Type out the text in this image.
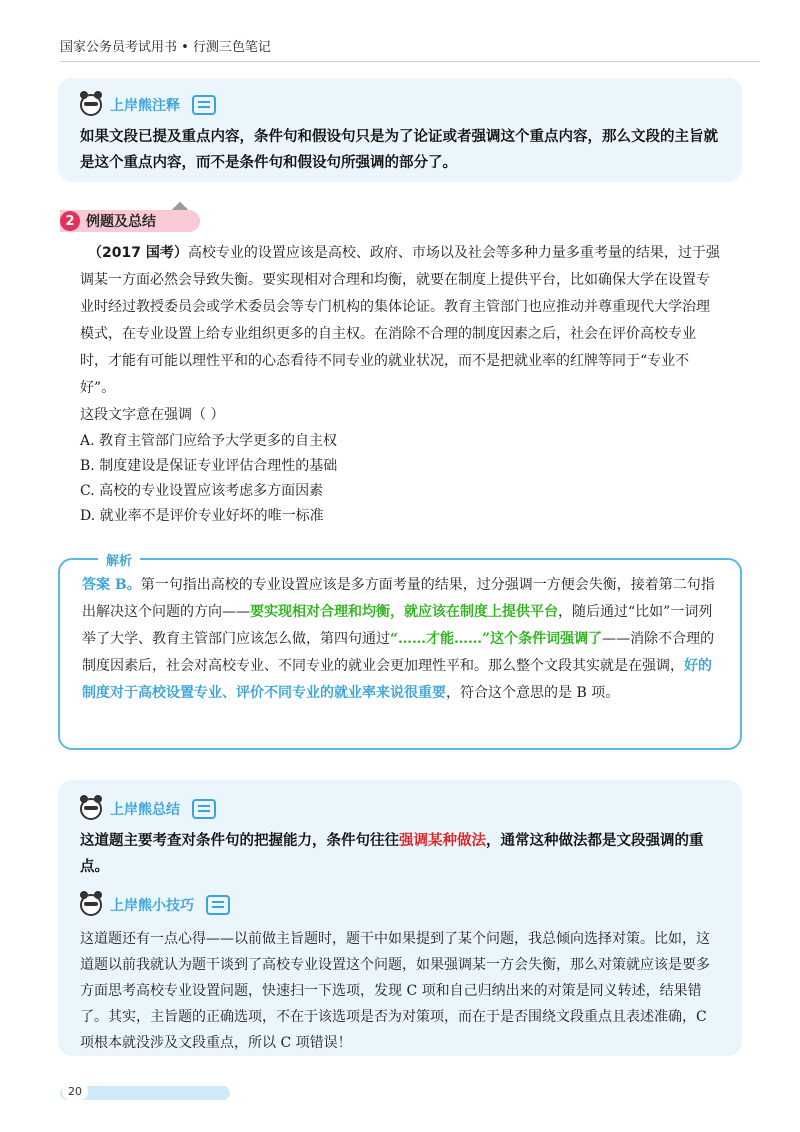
国家公务员考试用书 • 行测三色笔记
上岸熊注释
如果文段已提及重点内容，条件句和假设句只是为了论证或者强调这个重点内容，那么文段的主旨就是这个重点内容，而不是条件句和假设句所强调的部分了。
2 例题及总结
（2017 国考）高校专业的设置应该是高校、政府、市场以及社会等多种力量多重考量的结果，过于强调某一方面必然会导致失衡。要实现相对合理和均衡，就要在制度上提供平台，比如确保大学在设置专业时经过教授委员会或学术委员会等专门机构的集体论证。教育主管部门也应推动并尊重现代大学治理模式，在专业设置上给专业组织更多的自主权。在消除不合理的制度因素之后，社会在评价高校专业时，才能有可能以理性平和的心态看待不同专业的就业状况，而不是把就业率的红牌等同于“专业不好”。
这段文字意在强调（ ）
A. 教育主管部门应给予大学更多的自主权
B. 制度建设是保证专业评估合理性的基础
C. 高校的专业设置应该考虑多方面因素
D. 就业率不是评价专业好坏的唯一标准
解析
答案 B。第一句指出高校的专业设置应该是多方面考量的结果，过分强调一方便会失衡，接着第二句指出解决这个问题的方向——要实现相对合理和均衡，就应该在制度上提供平台，随后通过“比如”一词列举了大学、教育主管部门应该怎么做，第四句通过“……才能……”这个条件词强调了——消除不合理的制度因素后，社会对高校专业、不同专业的就业会更加理性平和。那么整个文段其实就是在强调，好的制度对于高校设置专业、评价不同专业的就业率来说很重要，符合这个意思的是 B 项。
上岸熊总结
这道题主要考查对条件句的把握能力，条件句往往强调某种做法，通常这种做法都是文段强调的重点。
上岸熊小技巧
这道题还有一点心得——以前做主旨题时，题干中如果提到了某个问题，我总倾向选择对策。比如，这道题以前我就认为题干谈到了高校专业设置这个问题，如果强调某一方会失衡，那么对策就应该是要多方面思考高校专业设置问题，快速扫一下选项，发现 C 项和自己归纳出来的对策是同义转述，结果错了。其实，主旨题的正确选项，不在于该选项是否为对策项，而在于是否围绕文段重点且表述准确，C 项根本就没涉及文段重点，所以 C 项错误！
20
